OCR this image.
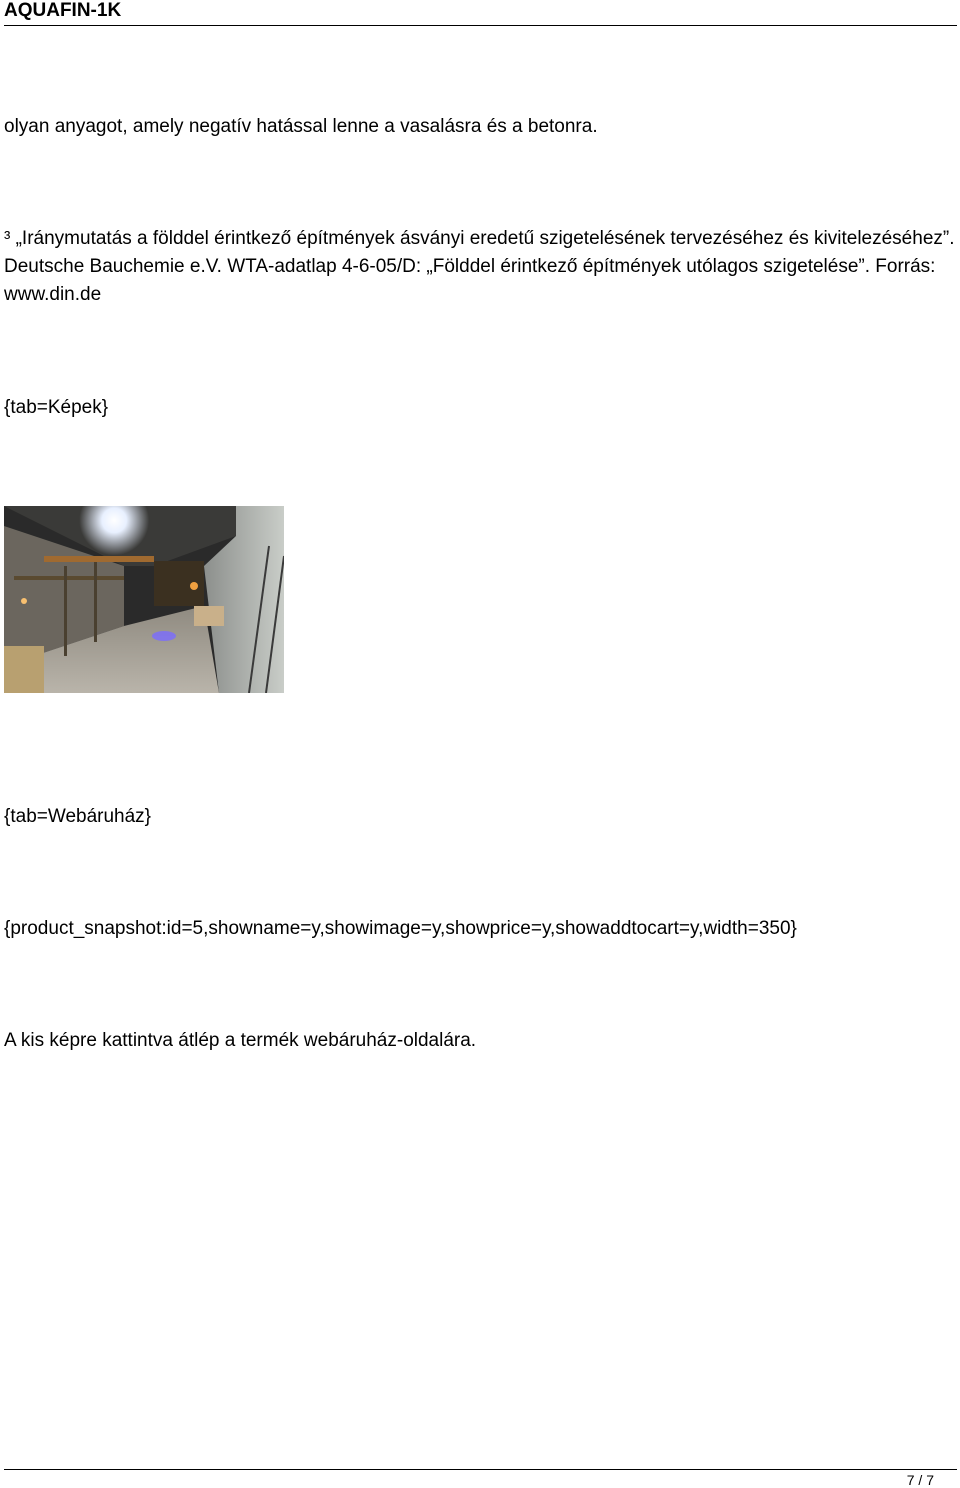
AQUAFIN-1K
olyan anyagot, amely negatív hatással lenne a vasalásra és a betonra.
³ „Iránymutatás a földdel érintkező építmények ásványi eredetű szigetelésének tervezéséhez és kivitelezéséhez”. Deutsche Bauchemie e.V. WTA-adatlap 4-6-05/D: „Földdel érintkező építmények utólagos szigetelése”. Forrás: www.din.de
{tab=Képek}
{tab=Webáruház}
{product_snapshot:id=5,showname=y,showimage=y,showprice=y,showaddtocart=y,width=350}
A kis képre kattintva átlép a termék webáruház-oldalára.
7 / 7
